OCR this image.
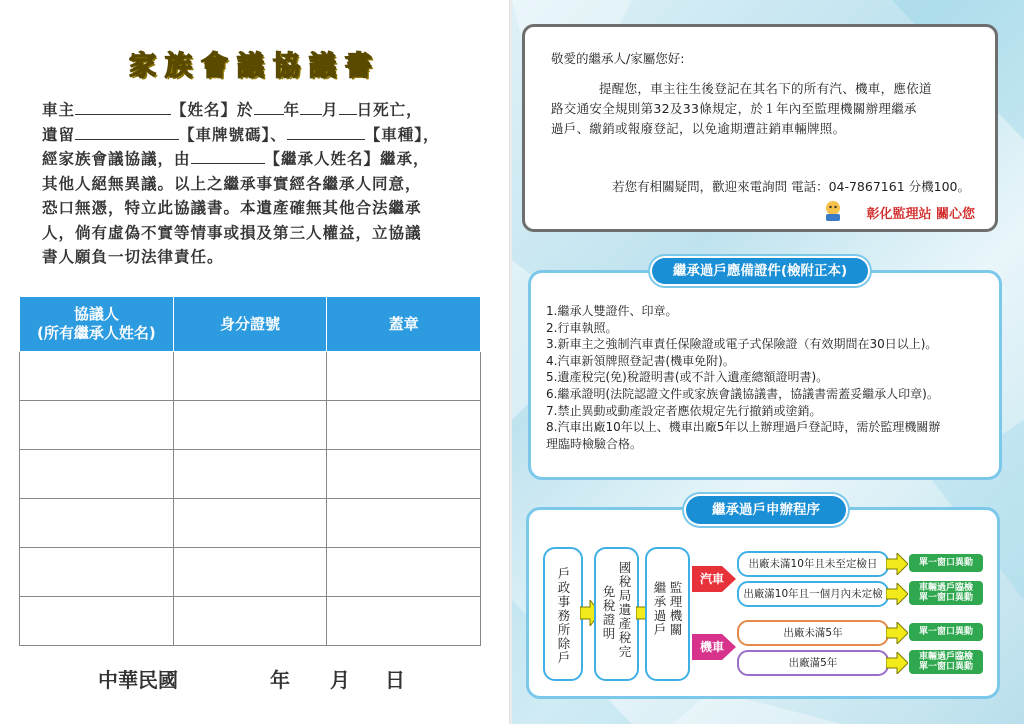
家族會議協議書
車主	【姓名】於 年 月 日死亡，
遺留	【車牌號碼】、	【車種】，
經家族會議協議，由	【繼承人姓名】繼承，
其他人絕無異議。以上之繼承事實經各繼承人同意，
恐口無憑，特立此協議書。本遺產確無其他合法繼承
人，倘有虛偽不實等情事或損及第三人權益，立協議
書人願負一切法律責任。
協議人
(所有繼承人姓名)	身分證號	蓋章

中華民國	年 月 日
敬愛的繼承人/家屬您好:
提醒您，車主往生後登記在其名下的所有汽、機車，應依道
路交通安全規則第32及33條規定，於１年內至監理機關辦理繼承
過戶、繳銷或報廢登記，以免逾期遭註銷車輛牌照。
若您有相關疑問，歡迎來電詢問 電話：04-7867161 分機100。
彰化監理站 關心您
繼承過戶應備證件(檢附正本)
1.繼承人雙證件、印章。
2.行車執照。
3.新車主之強制汽車責任保險證或電子式保險證（有效期間在30日以上)。
4.汽車新領牌照登記書(機車免附)。
5.遺產稅完(免)稅證明書(或不計入遺產總額證明書)。
6.繼承證明(法院認證文件或家族會議協議書，協議書需蓋妥繼承人印章)。
7.禁止異動或動產設定者應依規定先行撤銷或塗銷。
8.汽車出廠10年以上、機車出廠5年以上辦理過戶登記時，需於監理機關辦
理臨時檢驗合格。
繼承過戶申辦程序
戶政事務所除戶
國稅局遺產稅完
免稅證明
監理機關
繼承過戶
汽車
機車
出廠未滿10年且未至定檢日	單一窗口異動
出廠滿10年且一個月內未定檢	車輛過戶臨檢
單一窗口異動
出廠未滿5年	單一窗口異動
出廠滿5年	車輛過戶臨檢
單一窗口異動
